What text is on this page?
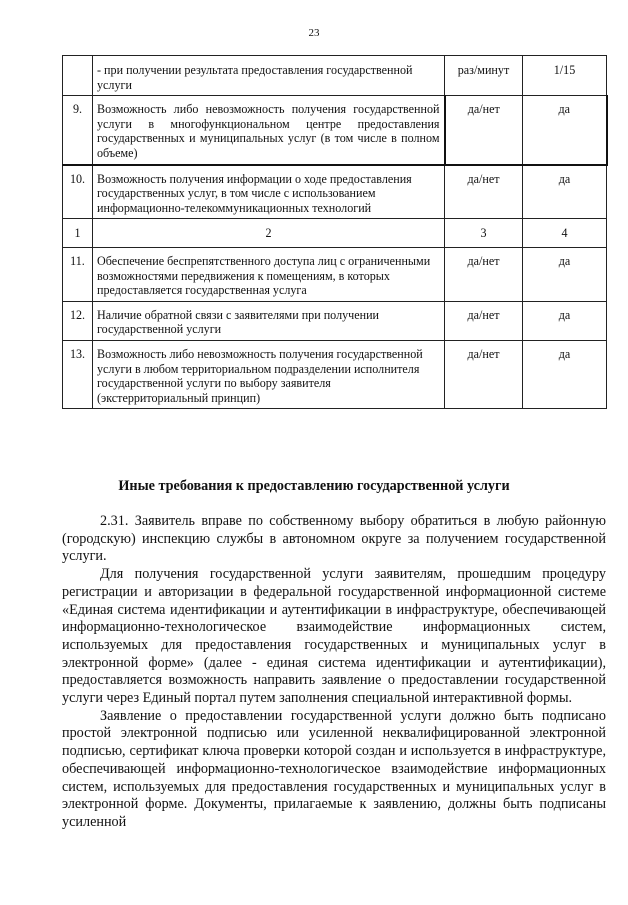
23
	- при получении результата предоставления государственной услуги	раз/минут	1/15
9.	Возможность либо невозможность получения государственной услуги в многофункциональном центре предоставления государственных и муниципальных услуг (в том числе в полном объеме)	да/нет	да
10.	Возможность получения информации о ходе предоставления государственных услуг, в том числе с использованием информационно-телекоммуникационных технологий	да/нет	да
1	2	3	4
11.	Обеспечение беспрепятственного доступа лиц с ограниченными возможностями передвижения к помещениям, в которых предоставляется государственная услуга	да/нет	да
12.	Наличие обратной связи с заявителями при получении государственной услуги	да/нет	да
13.	Возможность либо невозможность получения государственной услуги в любом территориальном подразделении исполнителя государственной услуги по выбору заявителя (экстерриториальный принцип)	да/нет	да
Иные требования к предоставлению государственной услуги

2.31. Заявитель вправе по собственному выбору обратиться в любую районную (городскую) инспекцию службы в автономном округе за получением государственной услуги.

Для получения государственной услуги заявителям, прошедшим процедуру регистрации и авторизации в федеральной государственной информационной системе «Единая система идентификации и аутентификации в инфраструктуре, обеспечивающей информационно-технологическое взаимодействие информационных систем, используемых для предоставления государственных и муниципальных услуг в электронной форме» (далее - единая система идентификации и аутентификации), предоставляется возможность направить заявление о предоставлении государственной услуги через Единый портал путем заполнения специальной интерактивной формы.

Заявление о предоставлении государственной услуги должно быть подписано простой электронной подписью или усиленной неквалифицированной электронной подписью, сертификат ключа проверки которой создан и используется в инфраструктуре, обеспечивающей информационно-технологическое взаимодействие информационных систем, используемых для предоставления государственных и муниципальных услуг в электронной форме. Документы, прилагаемые к заявлению, должны быть подписаны усиленной
